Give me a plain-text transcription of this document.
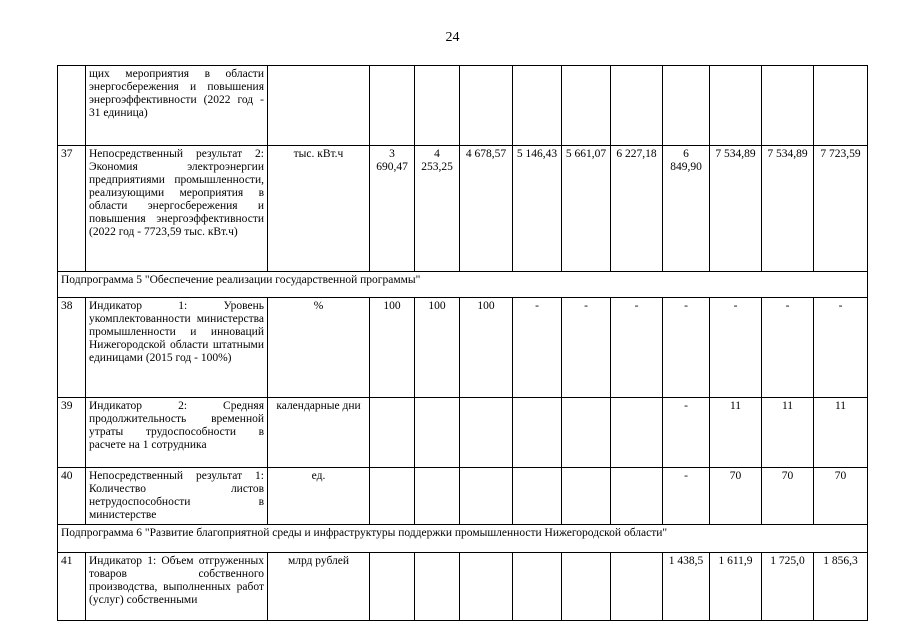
24
	щих мероприятия в области энергосбережения и повышения энергоэффективности (2022 год - 31 единица)											
37	Непосредственный результат 2: Экономия электроэнергии предприятиями промышленности, реализующими мероприятия в области энергосбережения и повышения энергоэффективности (2022 год - 7723,59 тыс. кВт.ч)	тыс. кВт.ч	3 690,47	4 253,25	4 678,57	5 146,43	5 661,07	6 227,18	6 849,90	7 534,89	7 534,89	7 723,59
Подпрограмма 5 "Обеспечение реализации государственной программы"												
38	Индикатор 1: Уровень укомплектованности министерства промышленности и инноваций Нижегородской области штатными единицами (2015 год - 100%)	%	100	100	100	-	-	-	-	-	-	-
39	Индикатор 2: Средняя продолжительность временной утраты трудоспособности в расчете на 1 сотрудника	календарные дни							-	11	11	11
40	Непосредственный результат 1: Количество листов нетрудоспособности в министерстве	ед.							-	70	70	70
Подпрограмма 6 "Развитие благоприятной среды и инфраструктуры поддержки промышленности Нижегородской области"												
41	Индикатор 1: Объем отгруженных товаров собственного производства, выполненных работ (услуг) собственными	млрд рублей							1 438,5	1 611,9	1 725,0	1 856,3
